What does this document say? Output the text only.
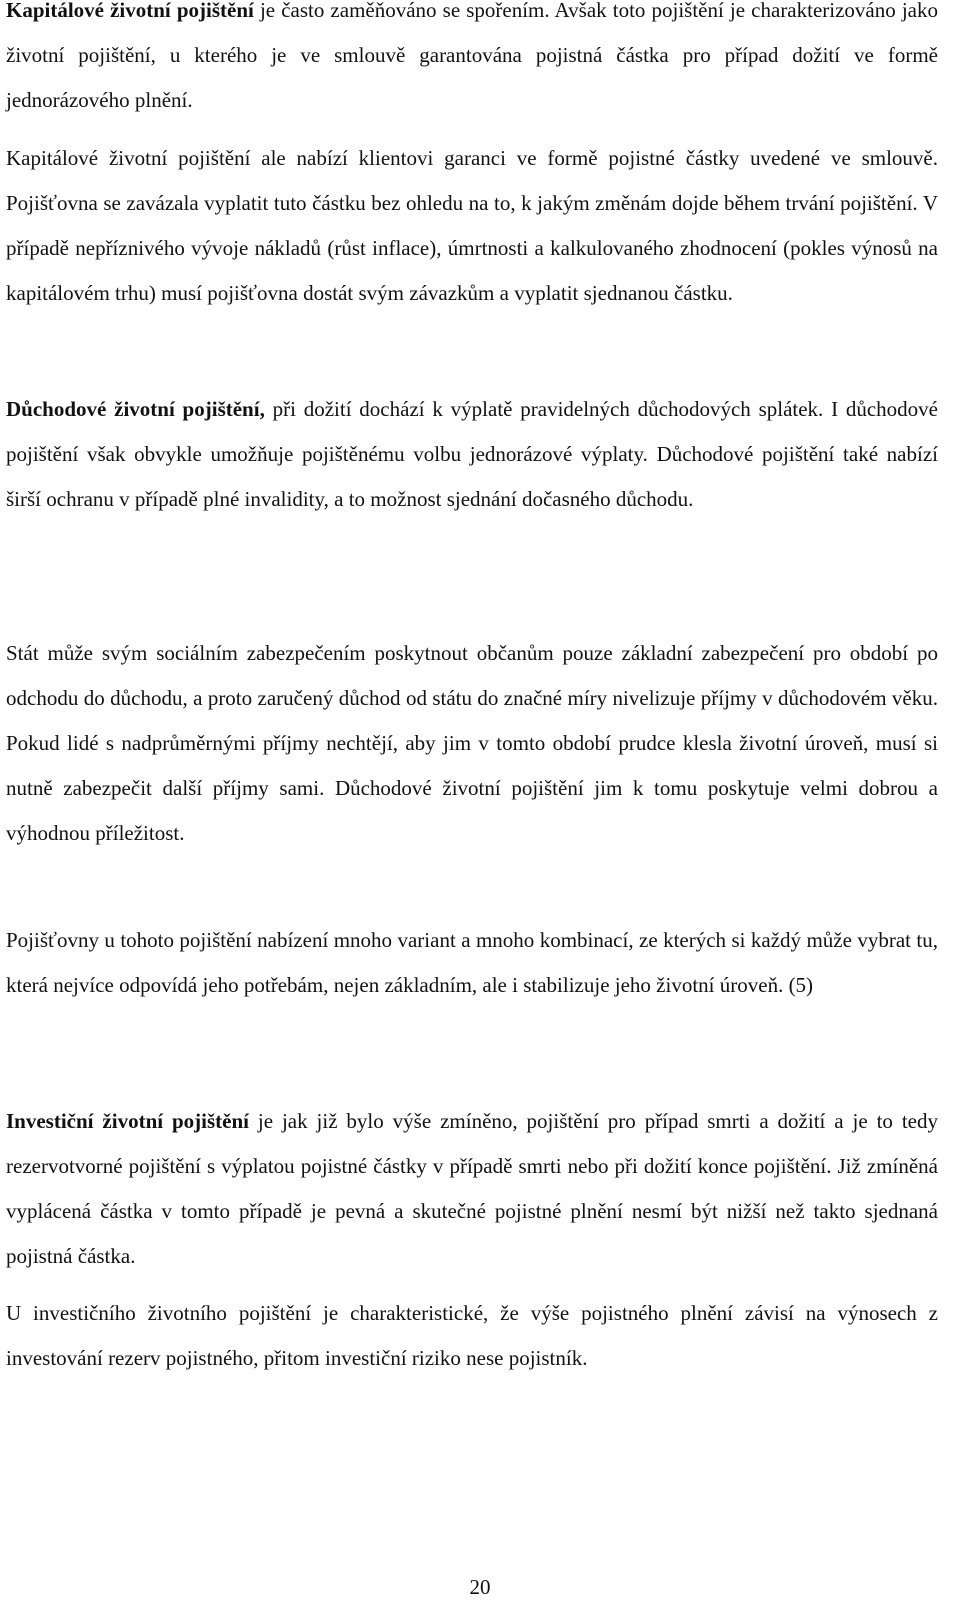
Kapitálové životní pojištění je často zaměňováno se spořením. Avšak toto pojištění je charakterizováno jako životní pojištění, u kterého je ve smlouvě garantována pojistná částka pro případ dožití ve formě jednorázového plnění.

Kapitálové životní pojištění ale nabízí klientovi garanci ve formě pojistné částky uvedené ve smlouvě. Pojišťovna se zavázala vyplatit tuto částku bez ohledu na to, k jakým změnám dojde během trvání pojištění. V případě nepříznivého vývoje nákladů (růst inflace), úmrtnosti a kalkulovaného zhodnocení (pokles výnosů na kapitálovém trhu) musí pojišťovna dostát svým závazkům a vyplatit sjednanou částku.

Důchodové životní pojištění, při dožití dochází k výplatě pravidelných důchodových splátek. I důchodové pojištění však obvykle umožňuje pojištěnému volbu jednorázové výplaty. Důchodové pojištění také nabízí širší ochranu v případě plné invalidity, a to možnost sjednání dočasného důchodu.

Stát může svým sociálním zabezpečením poskytnout občanům pouze základní zabezpečení pro období po odchodu do důchodu, a proto zaručený důchod od státu do značné míry nivelizuje příjmy v důchodovém věku. Pokud lidé s nadprůměrnými příjmy nechtějí, aby jim v tomto období prudce klesla životní úroveň, musí si nutně zabezpečit další příjmy sami. Důchodové životní pojištění jim k tomu poskytuje velmi dobrou a výhodnou příležitost.

Pojišťovny u tohoto pojištění nabízení mnoho variant a mnoho kombinací, ze kterých si každý může vybrat tu, která nejvíce odpovídá jeho potřebám, nejen základním, ale i stabilizuje jeho životní úroveň. (5)

Investiční životní pojištění je jak již bylo výše zmíněno, pojištění pro případ smrti a dožití a je to tedy rezervotvorné pojištění s výplatou pojistné částky v případě smrti nebo při dožití konce pojištění. Již zmíněná vyplácená částka v tomto případě je pevná a skutečné pojistné plnění nesmí být nižší než takto sjednaná pojistná částka.

U investičního životního pojištění je charakteristické, že výše pojistného plnění závisí na výnosech z investování rezerv pojistného, přitom investiční riziko nese pojistník.

20
